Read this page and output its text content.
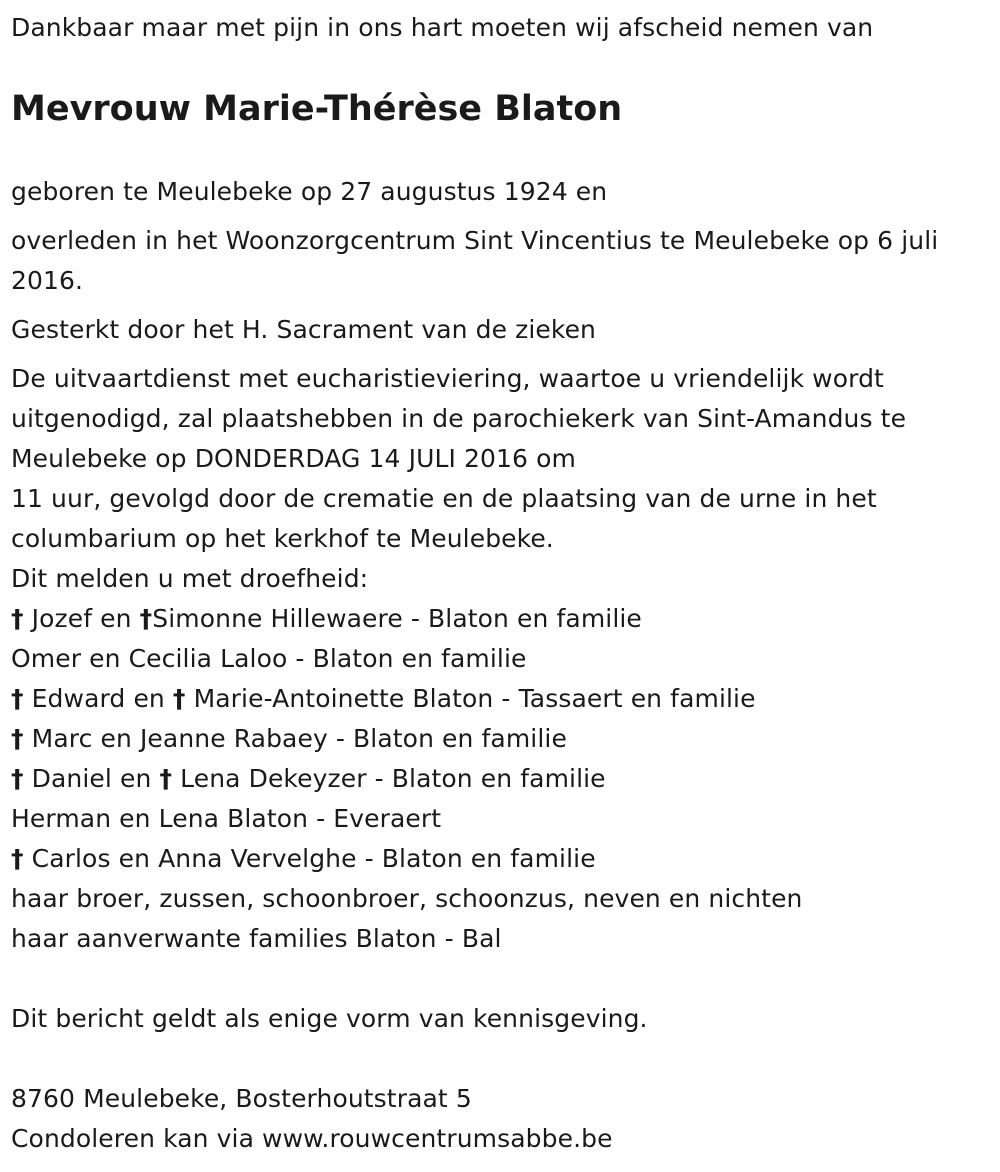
Dankbaar maar met pijn in ons hart moeten wij afscheid nemen van
Mevrouw Marie-Thérèse Blaton
geboren te Meulebeke op 27 augustus 1924 en
overleden in het Woonzorgcentrum Sint Vincentius te Meulebeke op 6 juli 2016.
Gesterkt door het H. Sacrament van de zieken
De uitvaartdienst met eucharistieviering, waartoe u vriendelijk wordt uitgenodigd, zal plaatshebben in de parochiekerk van Sint-Amandus te Meulebeke op DONDERDAG 14 JULI 2016 om
11 uur, gevolgd door de crematie en de plaatsing van de urne in het columbarium op het kerkhof te Meulebeke.
Dit melden u met droefheid:
† Jozef en †Simonne Hillewaere - Blaton en familie
Omer en Cecilia Laloo - Blaton en familie
† Edward en † Marie-Antoinette Blaton - Tassaert en familie
† Marc en Jeanne Rabaey - Blaton en familie
† Daniel en † Lena Dekeyzer - Blaton en familie
Herman en Lena Blaton - Everaert
† Carlos en Anna Vervelghe - Blaton en familie
haar broer, zussen, schoonbroer, schoonzus, neven en nichten
haar aanverwante families Blaton - Bal
Dit bericht geldt als enige vorm van kennisgeving.
8760 Meulebeke, Bosterhoutstraat 5
Condoleren kan via www.rouwcentrumsabbe.be
